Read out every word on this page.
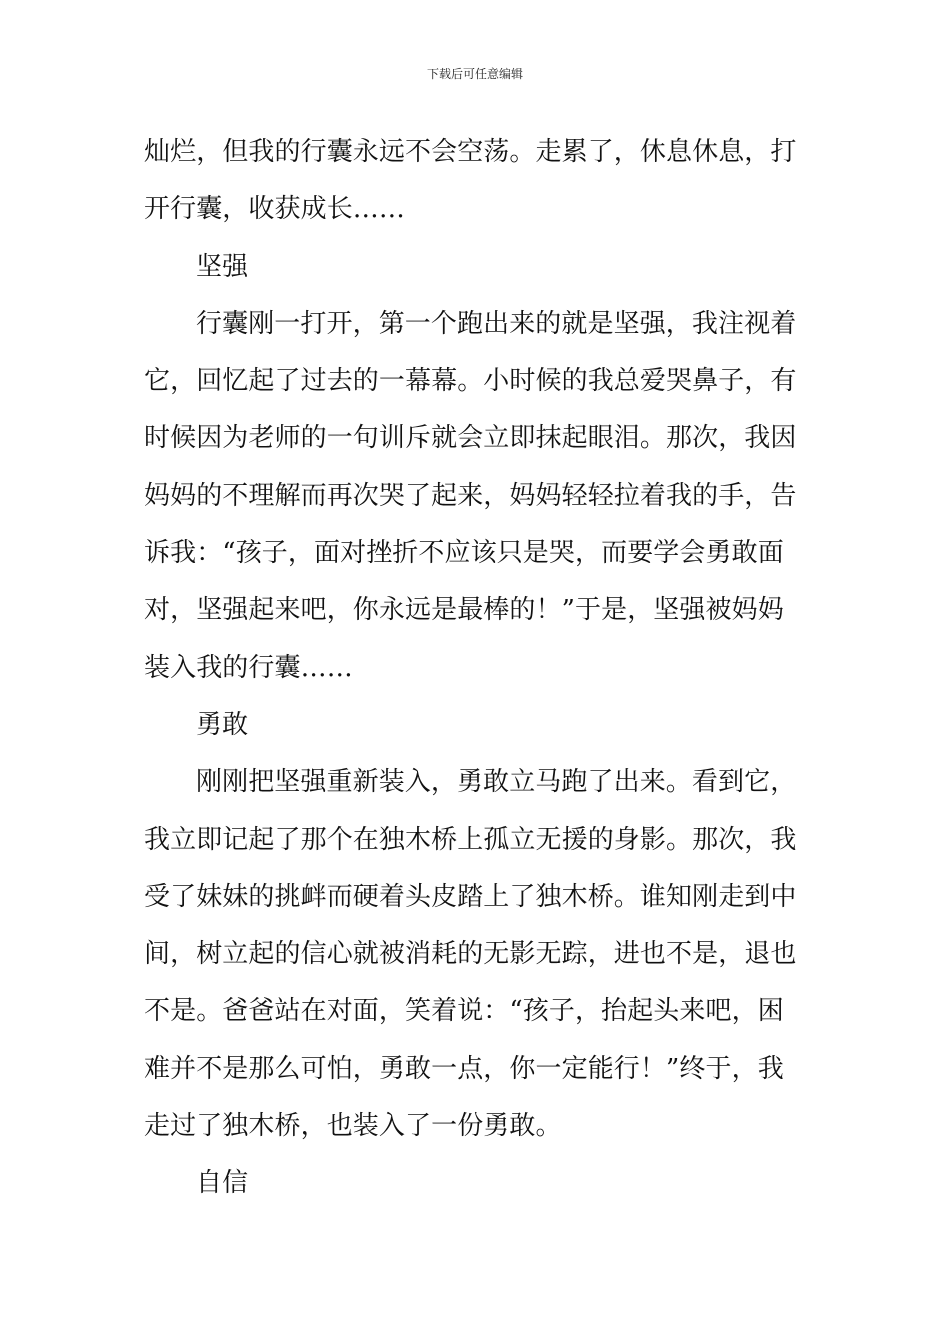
下载后可任意编辑
灿烂，但我的行囊永远不会空荡。走累了，休息休息，打
开行囊，收获成长……
坚强
行囊刚一打开，第一个跑出来的就是坚强，我注视着
它，回忆起了过去的一幕幕。小时候的我总爱哭鼻子，有
时候因为老师的一句训斥就会立即抹起眼泪。那次，我因
妈妈的不理解而再次哭了起来，妈妈轻轻拉着我的手，告
诉我：“孩子，面对挫折不应该只是哭，而要学会勇敢面
对，坚强起来吧，你永远是最棒的！”于是，坚强被妈妈
装入我的行囊……
勇敢
刚刚把坚强重新装入，勇敢立马跑了出来。看到它，
我立即记起了那个在独木桥上孤立无援的身影。那次，我
受了妹妹的挑衅而硬着头皮踏上了独木桥。谁知刚走到中
间，树立起的信心就被消耗的无影无踪，进也不是，退也
不是。爸爸站在对面，笑着说：“孩子，抬起头来吧，困
难并不是那么可怕，勇敢一点，你一定能行！”终于，我
走过了独木桥，也装入了一份勇敢。
自信
